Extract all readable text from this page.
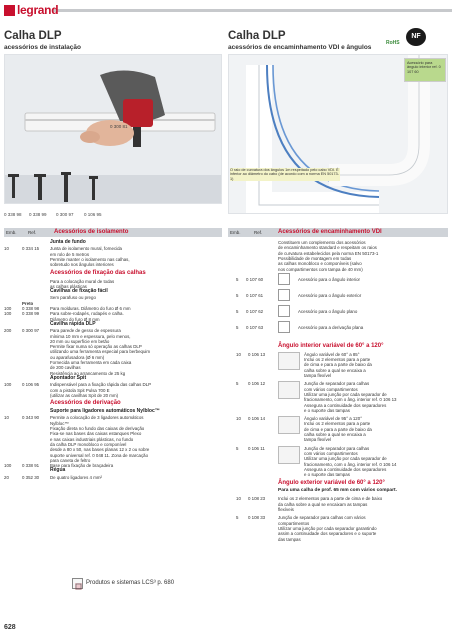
legrand
Calha DLP
acessórios de instalação
0 300 81
0 338 98 0 338 99 0 300 97 0 106 95
Emb.	Ref.	Acessórios de isolamento
Junta de fundo
10	0 334 15	Junta de isolamento mural, fornecida
em rolo de 5 metros
Permite manter o isolamento nas calhas,
sobretudo nos ângulos interiores
Acessórios de fixação das calhas
Para a colocação mural de todas
as calhas plásticas
Cavilhas de fixação fácil
Sem parafuso ou prego
Preto
100	0 338 98	Para molduras. Diâmetro do furo Ø 6 mm
100	0 338 99	Para sobre-rodapés, rodapés e calha.
Diâmetro do furo Ø 8 mm
Cavilha rápida DLP
200	0 300 97	Para parede de gesso de espessura
mínima 10 mm e espessura, pelo menos,
20 mm ou superfície em betão
Permite fixar numa só operação as calhas DLP
utilizando uma ferramenta especial para berbequim
ou aparafusadora (Ø 6 mm)
Fornecida uma ferramenta em cada caixa
de 200 cavilhas
Resistência ao arrancamento de 25 kg
Apontador Spit
100	0 106 95	Indispensável para a fixação rápida das calhas DLP
com a pistola Spit Pulsa 700 E
(utilizar as cavilhas Spit de 20 mm)
Acessórios de derivação
Suporte para ligadores automáticos Nylbloc™
10	0 343 90	Permite a colocação de 3 ligadores automáticos
Nylbloc™
Fixação direta no fundo das caixas de derivação
Fixa-se nas bases das caixas estanques Plexo
e nas caixas industriais plásticas, no fundo
da calha DLP monobloco e componível
desde a 80 x 50, nas bases planas 12 x 2 ou sobre
suporte universal ref. 0 048 11. Zona de marcação
para caneta de feltro
100	0 338 91	Base para fixação de braçadeira
Régua
20	0 352 30	De quatro ligadores 4 mm²
Produtos e sistemas LCS³ p. 680
628
Calha DLP
acessórios de encaminhamento VDI e ângulos
RoHS
NF
Acessório para ângulo interior ref. 0 107 60
O raio de curvatura dos ângulos 1m respeitado pelo cabo VDI. É inferior ao diâmetro do cabo (de acordo com a norma EN 50173-1)
Emb.	Ref.	Acessórios de encaminhamento VDI
Constituem um complemento dos acessórios
de encaminhamento standard e respeitam os raios
de curvatura estabelecidos pela norma EN 50173-1
Possibilidade de montagem em todas
as calhas monobloco e componíveis (salvo
nos compartimentos com tampa de 40 mm)
5	0 107 60	Acessório para o ângulo interior
5	0 107 61	Acessório para o ângulo exterior
5	0 107 62	Acessório para o ângulo plano
5	0 107 63	Acessório para a derivação plana
Ângulo interior variável de 60° a 120°
10 0 106 13	Ângulo variável de 60° a 85°
Inclui os 2 elementos para a parte
de cima e para a parte de baixo da
calha sobre a qual se encaixa a
tampa flexível
5 0 106 12	Junção de separador para calhas
com vários compartimentos
Utilizar uma junção por cada separador de
fracionamento, com o âng. interior ref. 0 106 13
Assegura a continuidade dos separadores
e o suporte das tampas
10 0 106 14	Ângulo variável de 95° a 120°
Inclui os 2 elementos para a parte
de cima e para a parte de baixo da
calha sobre a qual se encaixa a
tampa flexível
5 0 106 11	Junção de separador para calhas
com vários compartimentos
Utilizar uma junção por cada separador de
fracionamento, com o âng. interior ref. 0 106 14
Assegura a continuidade dos separadores
e o suporte das tampas
Ângulo exterior variável de 60° a 120°
Para uma calha de prof. 65 mm com vários compart.
10 0 108 23	Inclui os 2 elementos para a parte de cima e de baixo
da calha sobre a qual se encaixam as tampas
flexíveis
5 0 108 33	Junção de separador para calhas com vários
compartimentos
Utilizar uma junção por cada separador garantindo
assim a continuidade dos separadores e o suporte
das tampas
